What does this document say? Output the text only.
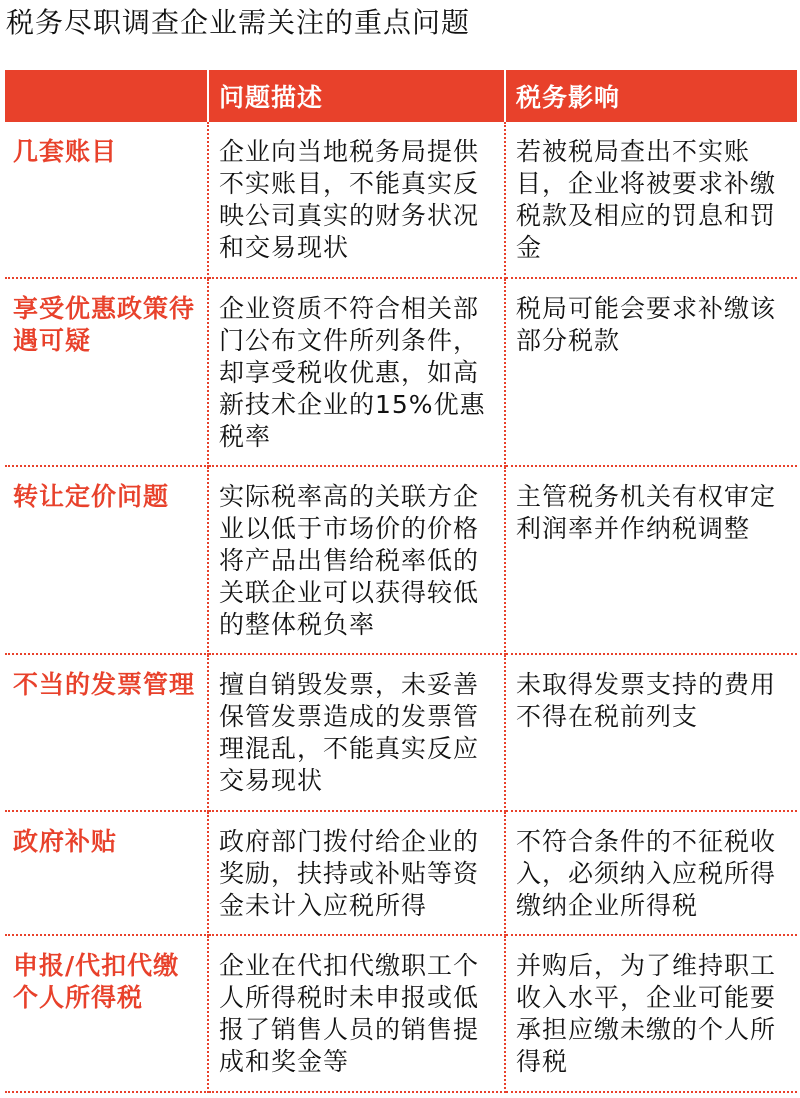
税务尽职调查企业需关注的重点问题
	问题描述	税务影响

几套账目	企业向当地税务局提供不实账目，不能真实反映公司真实的财务状况和交易现状	若被税局查出不实账目，企业将被要求补缴税款及相应的罚息和罚金

享受优惠政策待遇可疑	企业资质不符合相关部门公布文件所列条件，却享受税收优惠，如高新技术企业的15%优惠税率	税局可能会要求补缴该部分税款

转让定价问题	实际税率高的关联方企业以低于市场价的价格将产品出售给税率低的关联企业可以获得较低的整体税负率	主管税务机关有权审定利润率并作纳税调整

不当的发票管理	擅自销毁发票，未妥善保管发票造成的发票管理混乱，不能真实反应交易现状	未取得发票支持的费用不得在税前列支

政府补贴	政府部门拨付给企业的奖励，扶持或补贴等资金未计入应税所得	不符合条件的不征税收入，必须纳入应税所得缴纳企业所得税

申报/代扣代缴个人所得税	企业在代扣代缴职工个人所得税时未申报或低报了销售人员的销售提成和奖金等	并购后，为了维持职工收入水平，企业可能要承担应缴未缴的个人所得税
